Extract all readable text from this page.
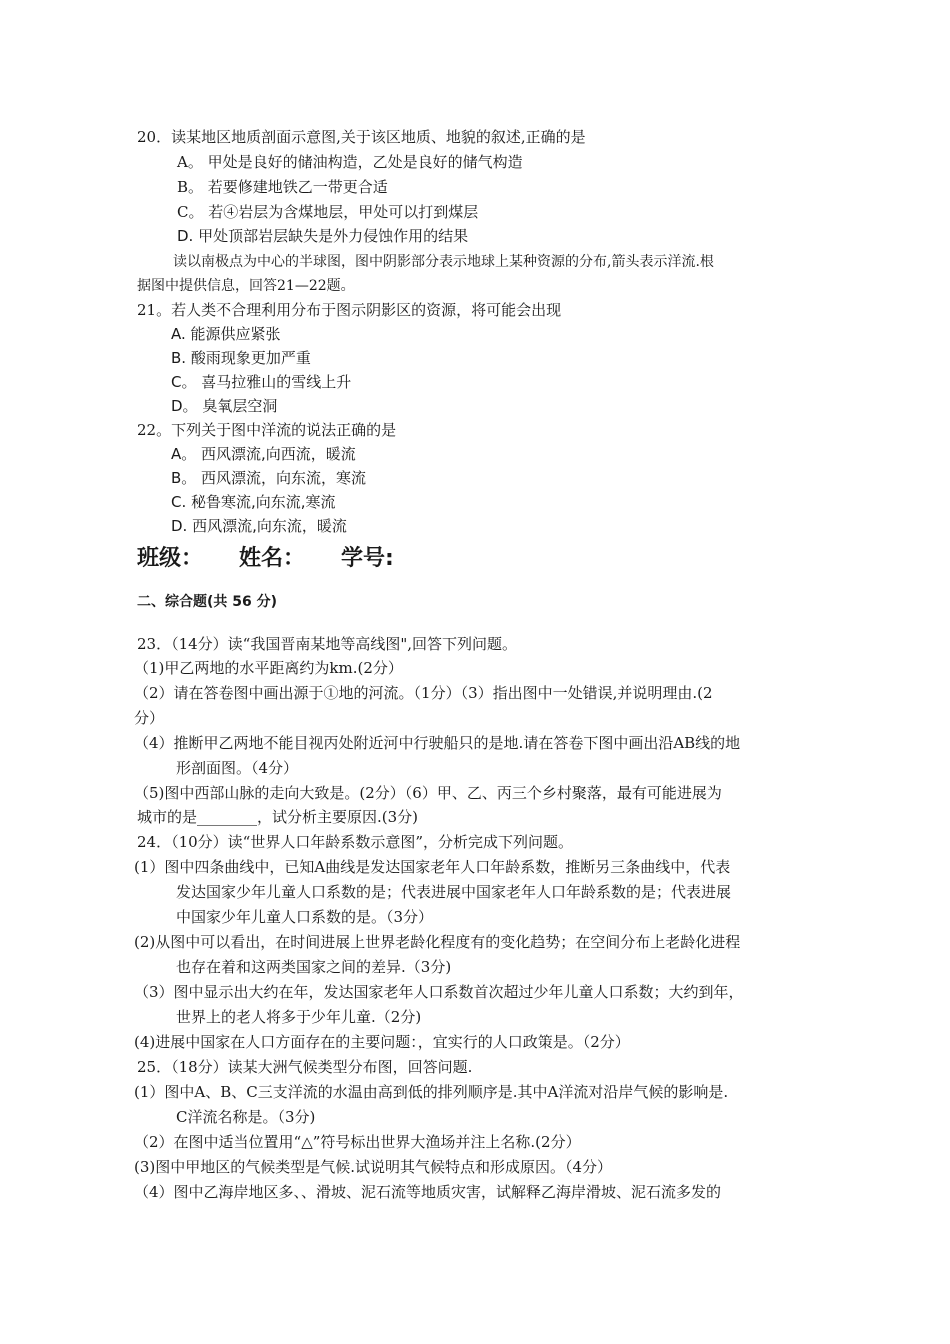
20．读某地区地质剖面示意图,关于该区地质、地貌的叙述,正确的是
A。 甲处是良好的储油构造，乙处是良好的储气构造
B。 若要修建地铁乙一带更合适
C。 若④岩层为含煤地层，甲处可以打到煤层
D. 甲处顶部岩层缺失是外力侵蚀作用的结果
读以南极点为中心的半球图，图中阴影部分表示地球上某种资源的分布,箭头表示洋流.根
据图中提供信息，回答21—22题。
21。若人类不合理利用分布于图示阴影区的资源，将可能会出现
A. 能源供应紧张
B. 酸雨现象更加严重
C。 喜马拉雅山的雪线上升
D。 臭氧层空洞
22。下列关于图中洋流的说法正确的是
A。 西风漂流,向西流，暖流
B。 西风漂流，向东流，寒流
C. 秘鲁寒流,向东流,寒流
D. 西风漂流,向东流，暖流
班级： 姓名： 学号:
二、综合题(共 56 分)
23．（14分）读“我国晋南某地等高线图",回答下列问题。
（1)甲乙两地的水平距离约为km.(2分）
（2）请在答卷图中画出源于①地的河流。（1分）（3）指出图中一处错误,并说明理由.(2
分）
（4）推断甲乙两地不能目视丙处附近河中行驶船只的是地.请在答卷下图中画出沿AB线的地
形剖面图。（4分）
（5)图中西部山脉的走向大致是。(2分）（6）甲、乙、丙三个乡村聚落，最有可能进展为
城市的是________，试分析主要原因.(3分)
24．（10分）读“世界人口年龄系数示意图”，分析完成下列问题。
(1）图中四条曲线中，已知A曲线是发达国家老年人口年龄系数，推断另三条曲线中，代表
发达国家少年儿童人口系数的是；代表进展中国家老年人口年龄系数的是；代表进展
中国家少年儿童人口系数的是。（3分）
(2)从图中可以看出，在时间进展上世界老龄化程度有的变化趋势；在空间分布上老龄化进程
也存在着和这两类国家之间的差异.（3分)
（3）图中显示出大约在年，发达国家老年人口系数首次超过少年儿童人口系数；大约到年，
世界上的老人将多于少年儿童.（2分)
(4)进展中国家在人口方面存在的主要问题：，宜实行的人口政策是。（2分）
25．（18分）读某大洲气候类型分布图，回答问题.
(1）图中A、B、C三支洋流的水温由高到低的排列顺序是.其中A洋流对沿岸气候的影响是.
C洋流名称是。（3分)
（2）在图中适当位置用“△”符号标出世界大渔场并注上名称.(2分）
(3)图中甲地区的气候类型是气候.试说明其气候特点和形成原因。（4分）
（4）图中乙海岸地区多、、滑坡、泥石流等地质灾害，试解释乙海岸滑坡、泥石流多发的
